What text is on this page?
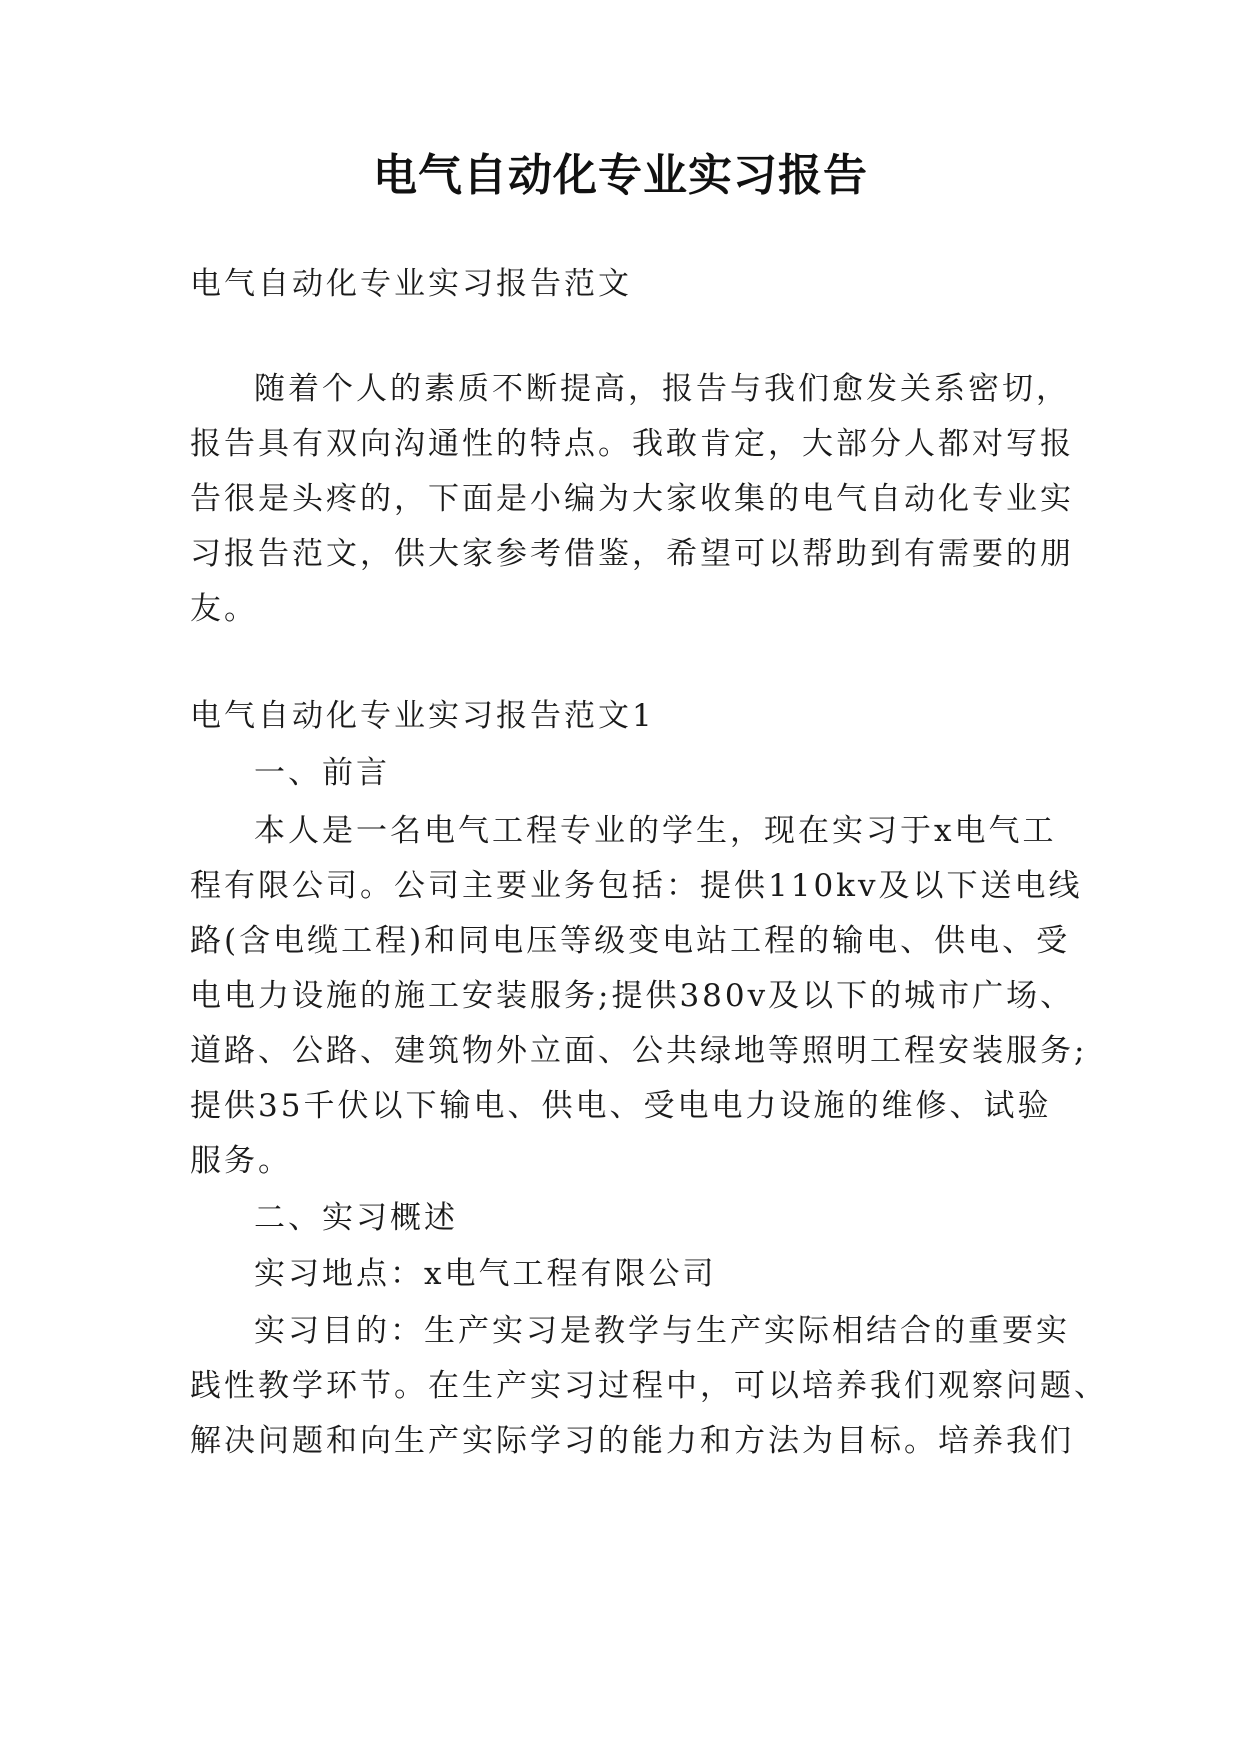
电气自动化专业实习报告
电气自动化专业实习报告范文
随着个人的素质不断提高，报告与我们愈发关系密切，
报告具有双向沟通性的特点。我敢肯定，大部分人都对写报
告很是头疼的，下面是小编为大家收集的电气自动化专业实
习报告范文，供大家参考借鉴，希望可以帮助到有需要的朋
友。
电气自动化专业实习报告范文1
一、前言
本人是一名电气工程专业的学生，现在实习于x电气工
程有限公司。公司主要业务包括：提供110kv及以下送电线
路(含电缆工程)和同电压等级变电站工程的输电、供电、受
电电力设施的施工安装服务;提供380v及以下的城市广场、
道路、公路、建筑物外立面、公共绿地等照明工程安装服务;
提供35千伏以下输电、供电、受电电力设施的维修、试验
服务。
二、实习概述
实习地点：x电气工程有限公司
实习目的：生产实习是教学与生产实际相结合的重要实
践性教学环节。在生产实习过程中，可以培养我们观察问题、
解决问题和向生产实际学习的能力和方法为目标。培养我们
